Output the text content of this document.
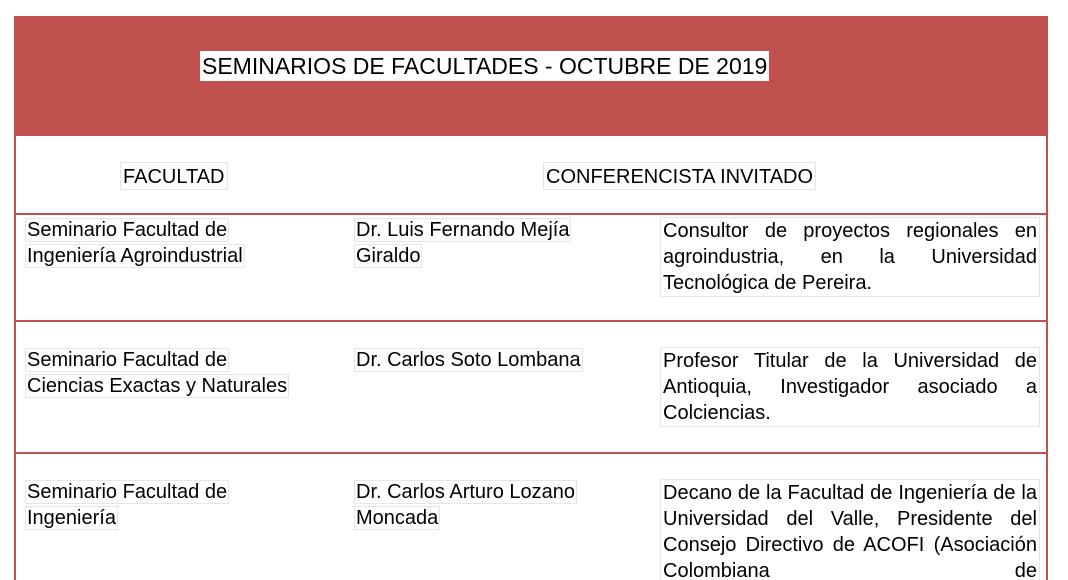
SEMINARIOS DE FACULTADES - OCTUBRE DE 2019
FACULTAD	CONFERENCISTA INVITADO
Seminario Facultad de
Ingeniería Agroindustrial
Dr. Luis Fernando Mejía
Giraldo
Consultor de proyectos regionales en agroindustria, en la Universidad Tecnológica de Pereira.
Seminario Facultad de
Ciencias Exactas y Naturales
Dr. Carlos Soto Lombana	Profesor Titular de la Universidad de Antioquia, Investigador asociado a Colciencias.
Seminario Facultad de
Ingeniería
Dr. Carlos Arturo Lozano
Moncada
Decano de la Facultad de Ingeniería de la Universidad del Valle, Presidente del Consejo Directivo de ACOFI (Asociación Colombiana de
